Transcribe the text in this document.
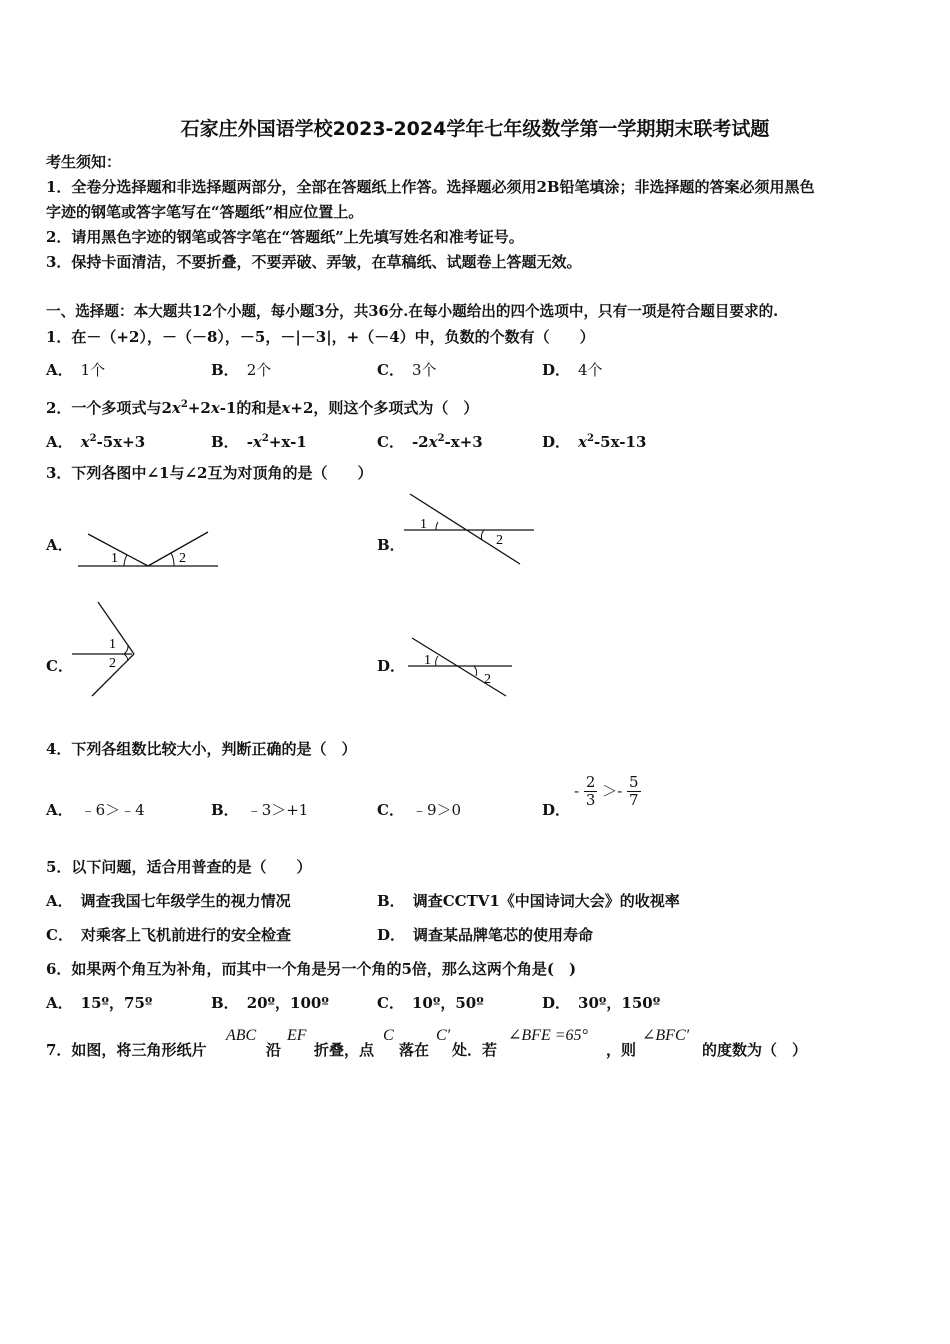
石家庄外国语学校2023-2024学年七年级数学第一学期期末联考试题
考生须知：
1．全卷分选择题和非选择题两部分，全部在答题纸上作答。选择题必须用2B铅笔填涂；非选择题的答案必须用黑色
字迹的钢笔或答字笔写在“答题纸”相应位置上。
2．请用黑色字迹的钢笔或答字笔在“答题纸”上先填写姓名和准考证号。
3．保持卡面清洁，不要折叠，不要弄破、弄皱，在草稿纸、试题卷上答题无效。
一、选择题：本大题共12个小题，每小题3分，共36分.在每小题给出的四个选项中，只有一项是符合题目要求的.
1．在－（+2），－（－8），－5，－|－3|，+（－4）中，负数的个数有（　　）
A． 1个	B． 2个	C． 3个	D． 4个
2．一个多项式与$2x^2+2x-1$的和是x+2，则这个多项式为（　）
A． $x^2-5x+3$	B． $-x^2+x-1$	C． $-2x^2-x+3$	D． $x^2-5x-13$
3．下列各图中∠1与∠2互为对顶角的是（　　）
A．	B．
C．	D．
1	2
1
2
1
2	1
2
4．下列各组数比较大小，判断正确的是（　）
A． ﹣6＞﹣4	B． ﹣3＞+1	C． ﹣9＞0	D．
- $\frac{2}{3} >- \frac{5}{7}$
5．以下问题，适合用普查的是（　　）
A． 调查我国七年级学生的视力情况	B． 调查CCTV1《中国诗词大会》的收视率
C． 对乘客上飞机前进行的安全检查	D． 调查某品牌笔芯的使用寿命
6．如果两个角互为补角，而其中一个角是另一个角的5倍，那么这两个角是(　)
A． 15º，75º	B． 20º，100º	C． 10º，50º	D． 30º，150º
7．如图，将三角形纸片
ABC
沿
EF
折叠，点
C
落在
C′
处．若
∠BFE =65°
，则
∠BFC′
的度数为（　）
